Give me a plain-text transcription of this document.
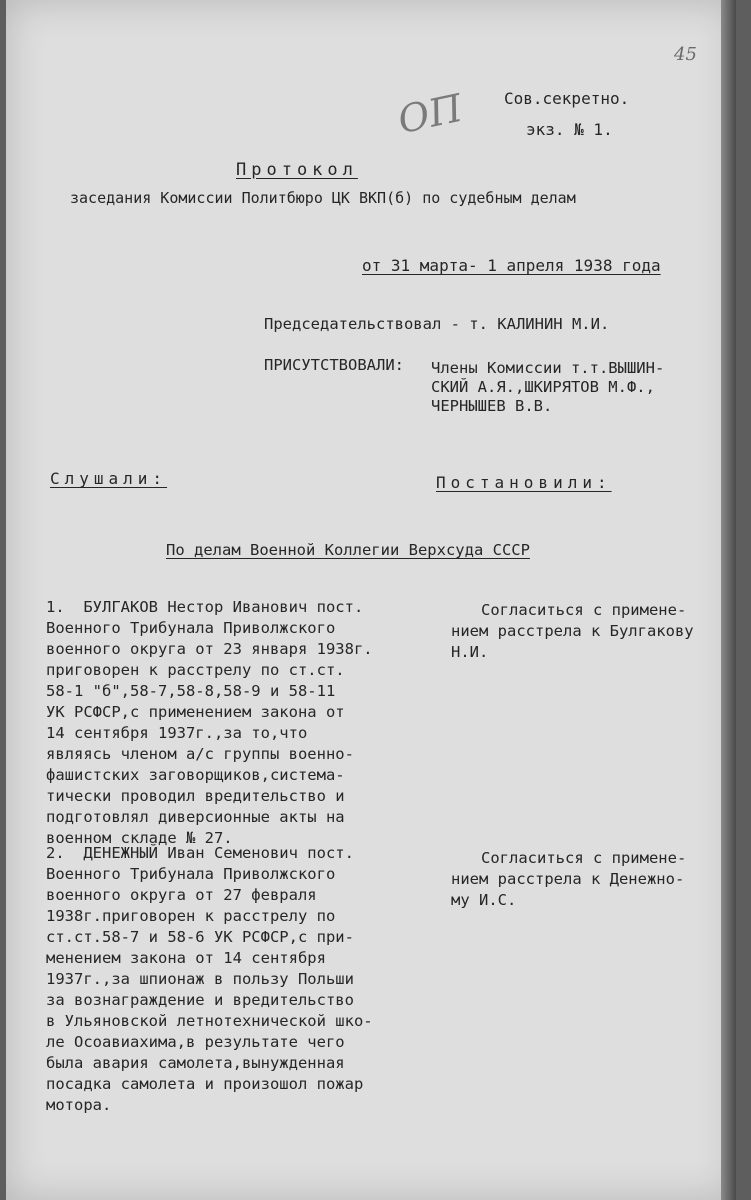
45
ОП Сов.секретно.
экз. № 1.
Протокол
заседания Комиссии Политбюро ЦК ВКП(б) по судебным делам
от 31 марта- 1 апреля 1938 года
Председательствовал - т. КАЛИНИН М.И.
ПРИСУТСТВОВАЛИ: Члены Комиссии т.т.ВЫШИН-
СКИЙ А.Я.,ШКИРЯТОВ М.Ф.,
ЧЕРНЫШЕВ В.В.
Слушали:	Постановили:
По делам Военной Коллегии Верхсуда СССР
1.  БУЛГАКОВ Нестор Иванович пост.
Военного Трибунала Приволжского
военного округа от 23 января 1938г.
приговорен к расстрелу по ст.ст.
58-1 "б",58-7,58-8,58-9 и 58-11
УК РСФСР,с применением закона от
14 сентября 1937г.,за то,что
являясь членом а/с группы военно-
фашистских заговорщиков,системa-
тически проводил вредительство и
подготовлял диверсионные акты на
военном складе № 27.
Согласиться с примене-
нием расстрела к Булгакову
Н.И.
2.  ДЕНЕЖНЫЙ Иван Семенович пост.
Военного Трибунала Приволжского
военного округа от 27 февраля
1938г.приговорен к расстрелу по
ст.ст.58-7 и 58-6 УК РСФСР,с при-
менением закона от 14 сентября
1937г.,за шпионаж в пользу Польши
за вознаграждение и вредительство
в Ульяновской летнотехнической шко-
ле Осоавиахима,в результате чего
была авария самолета,вынужденная
посадка самолета и произошол пожар
мотора.
Согласиться с примене-
нием расстрела к Денежно-
му И.С.
